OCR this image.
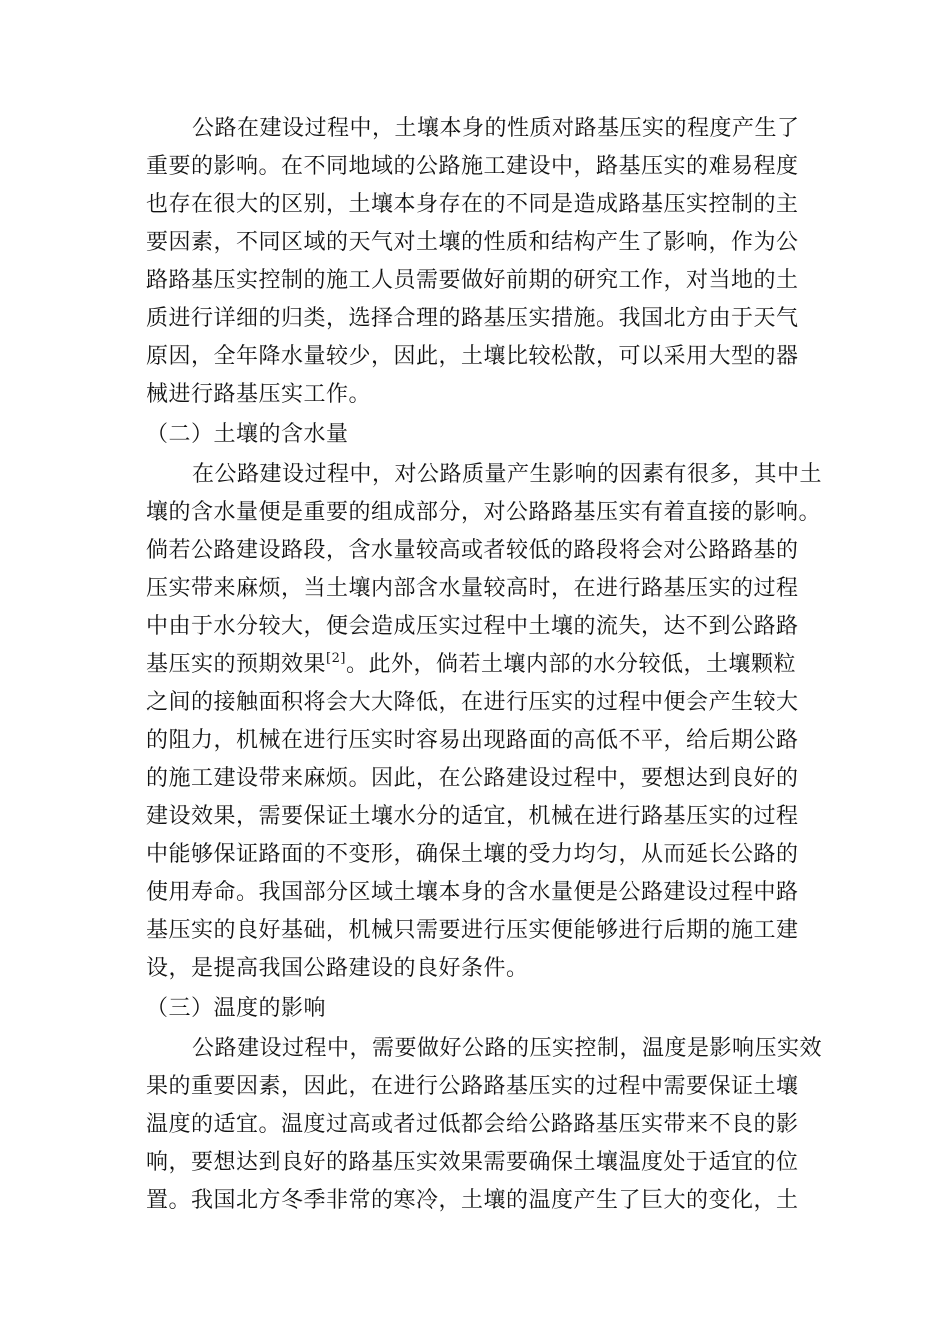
公路在建设过程中，土壤本身的性质对路基压实的程度产生了
重要的影响。在不同地域的公路施工建设中，路基压实的难易程度
也存在很大的区别，土壤本身存在的不同是造成路基压实控制的主
要因素，不同区域的天气对土壤的性质和结构产生了影响，作为公
路路基压实控制的施工人员需要做好前期的研究工作，对当地的土
质进行详细的归类，选择合理的路基压实措施。我国北方由于天气
原因，全年降水量较少，因此，土壤比较松散，可以采用大型的器
械进行路基压实工作。
（二）土壤的含水量
在公路建设过程中，对公路质量产生影响的因素有很多，其中土
壤的含水量便是重要的组成部分，对公路路基压实有着直接的影响。
倘若公路建设路段，含水量较高或者较低的路段将会对公路路基的
压实带来麻烦，当土壤内部含水量较高时，在进行路基压实的过程
中由于水分较大，便会造成压实过程中土壤的流失，达不到公路路
基压实的预期效果[2]。此外，倘若土壤内部的水分较低，土壤颗粒
之间的接触面积将会大大降低，在进行压实的过程中便会产生较大
的阻力，机械在进行压实时容易出现路面的高低不平，给后期公路
的施工建设带来麻烦。因此，在公路建设过程中，要想达到良好的
建设效果，需要保证土壤水分的适宜，机械在进行路基压实的过程
中能够保证路面的不变形，确保土壤的受力均匀，从而延长公路的
使用寿命。我国部分区域土壤本身的含水量便是公路建设过程中路
基压实的良好基础，机械只需要进行压实便能够进行后期的施工建
设，是提高我国公路建设的良好条件。
（三）温度的影响
公路建设过程中，需要做好公路的压实控制，温度是影响压实效
果的重要因素，因此，在进行公路路基压实的过程中需要保证土壤
温度的适宜。温度过高或者过低都会给公路路基压实带来不良的影
响，要想达到良好的路基压实效果需要确保土壤温度处于适宜的位
置。我国北方冬季非常的寒冷，土壤的温度产生了巨大的变化，土
